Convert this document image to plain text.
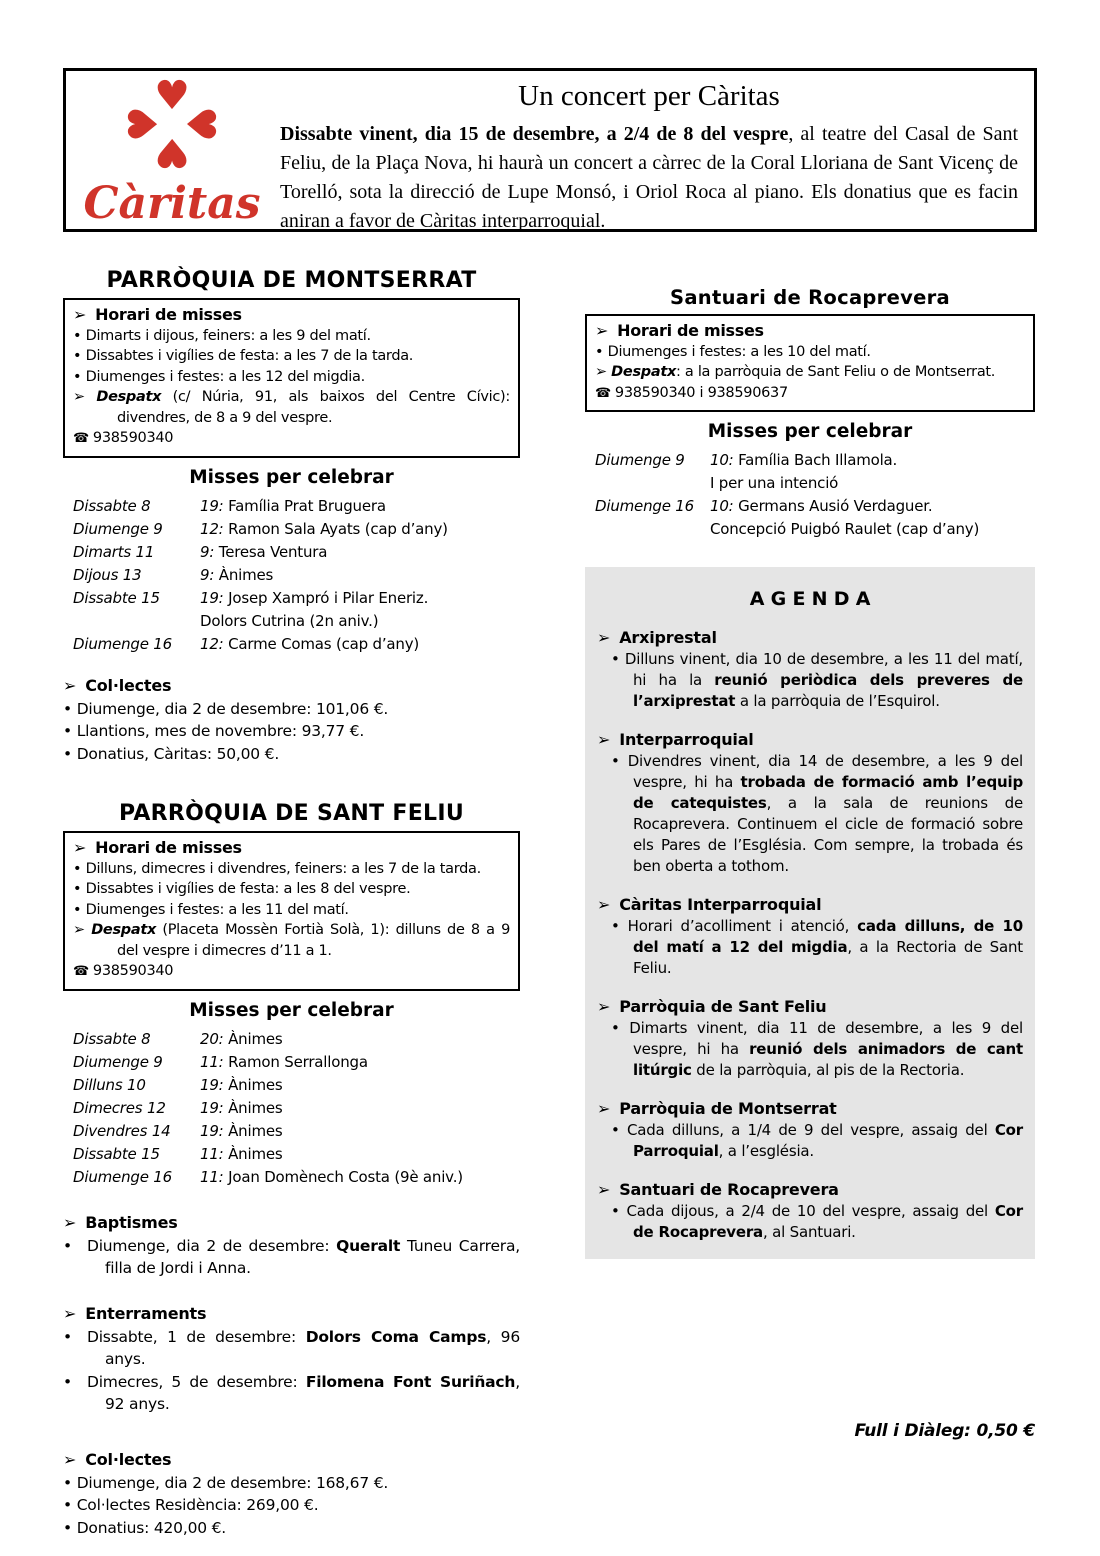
♥
♥ ♥
♥
Càritas
Un concert per Càritas

Dissabte vinent, dia 15 de desembre, a 2/4 de 8 del vespre, al teatre del Casal de Sant Feliu, de la Plaça Nova, hi haurà un concert a càrrec de la Coral Lloriana de Sant Vicenç de Torelló, sota la direcció de Lupe Monsó, i Oriol Roca al piano. Els donatius que es facin aniran a favor de Càritas interparroquial.

PARRÒQUIA DE MONTSERRAT
➢ Horari de misses
• Dimarts i dijous, feiners: a les 9 del matí.
• Dissabtes i vigílies de festa: a les 7 de la tarda.
• Diumenges i festes: a les 12 del migdia.
➢ Despatx (c/ Núria, 91, als baixos del Centre Cívic): divendres, de 8 a 9 del vespre.
☎ 938590340
Misses per celebrar
Dissabte 8	19: Família Prat Bruguera
Diumenge 9	12: Ramon Sala Ayats (cap d’any)
Dimarts 11	9: Teresa Ventura
Dijous 13	9: Ànimes
Dissabte 15	19: Josep Xampró i Pilar Eneriz.
Dolors Cutrina (2n aniv.)
Diumenge 16	12: Carme Comas (cap d’any)
➢ Col·lectes
• Diumenge, dia 2 de desembre: 101,06 €.
• Llantions, mes de novembre: 93,77 €.
• Donatius, Càritas: 50,00 €.
PARRÒQUIA DE SANT FELIU
➢ Horari de misses
• Dilluns, dimecres i divendres, feiners: a les 7 de la tarda.
• Dissabtes i vigílies de festa: a les 8 del vespre.
• Diumenges i festes: a les 11 del matí.
➢ Despatx (Placeta Mossèn Fortià Solà, 1): dilluns de 8 a 9 del vespre i dimecres d’11 a 1.
☎ 938590340
Misses per celebrar
Dissabte 8	20: Ànimes
Diumenge 9	11: Ramon Serrallonga
Dilluns 10	19: Ànimes
Dimecres 12	19: Ànimes
Divendres 14	19: Ànimes
Dissabte 15	11: Ànimes
Diumenge 16	11: Joan Domènech Costa (9è aniv.)
➢ Baptismes
• Diumenge, dia 2 de desembre: Queralt Tuneu Carrera, filla de Jordi i Anna.
➢ Enterraments
• Dissabte, 1 de desembre: Dolors Coma Camps, 96 anys.
• Dimecres, 5 de desembre: Filomena Font Suriñach, 92 anys.
➢ Col·lectes
• Diumenge, dia 2 de desembre: 168,67 €.
• Col·lectes Residència: 269,00 €.
• Donatius: 420,00 €.
Santuari de Rocaprevera
➢ Horari de misses
• Diumenges i festes: a les 10 del matí.
➢ Despatx: a la parròquia de Sant Feliu o de Montserrat.
☎ 938590340 i 938590637
Misses per celebrar
Diumenge 9	10: Família Bach Illamola.
I per una intenció
Diumenge 16	10: Germans Ausió Verdaguer.
Concepció Puigbó Raulet (cap d’any)
A G E N D A
➢ Arxiprestal
• Dilluns vinent, dia 10 de desembre, a les 11 del matí, hi ha la reunió periòdica dels preveres de l’arxiprestat a la parròquia de l’Esquirol.
➢ Interparroquial
• Divendres vinent, dia 14 de desembre, a les 9 del vespre, hi ha trobada de formació amb l’equip de catequistes, a la sala de reunions de Rocaprevera. Continuem el cicle de formació sobre els Pares de l’Església. Com sempre, la trobada és ben oberta a tothom.
➢ Càritas Interparroquial
• Horari d’acolliment i atenció, cada dilluns, de 10 del matí a 12 del migdia, a la Rectoria de Sant Feliu.
➢ Parròquia de Sant Feliu
• Dimarts vinent, dia 11 de desembre, a les 9 del vespre, hi ha reunió dels animadors de cant litúrgic de la parròquia, al pis de la Rectoria.
➢ Parròquia de Montserrat
• Cada dilluns, a 1/4 de 9 del vespre, assaig del Cor Parroquial, a l’església.
➢ Santuari de Rocaprevera
• Cada dijous, a 2/4 de 10 del vespre, assaig del Cor de Rocaprevera, al Santuari.
Full i Diàleg: 0,50 €
